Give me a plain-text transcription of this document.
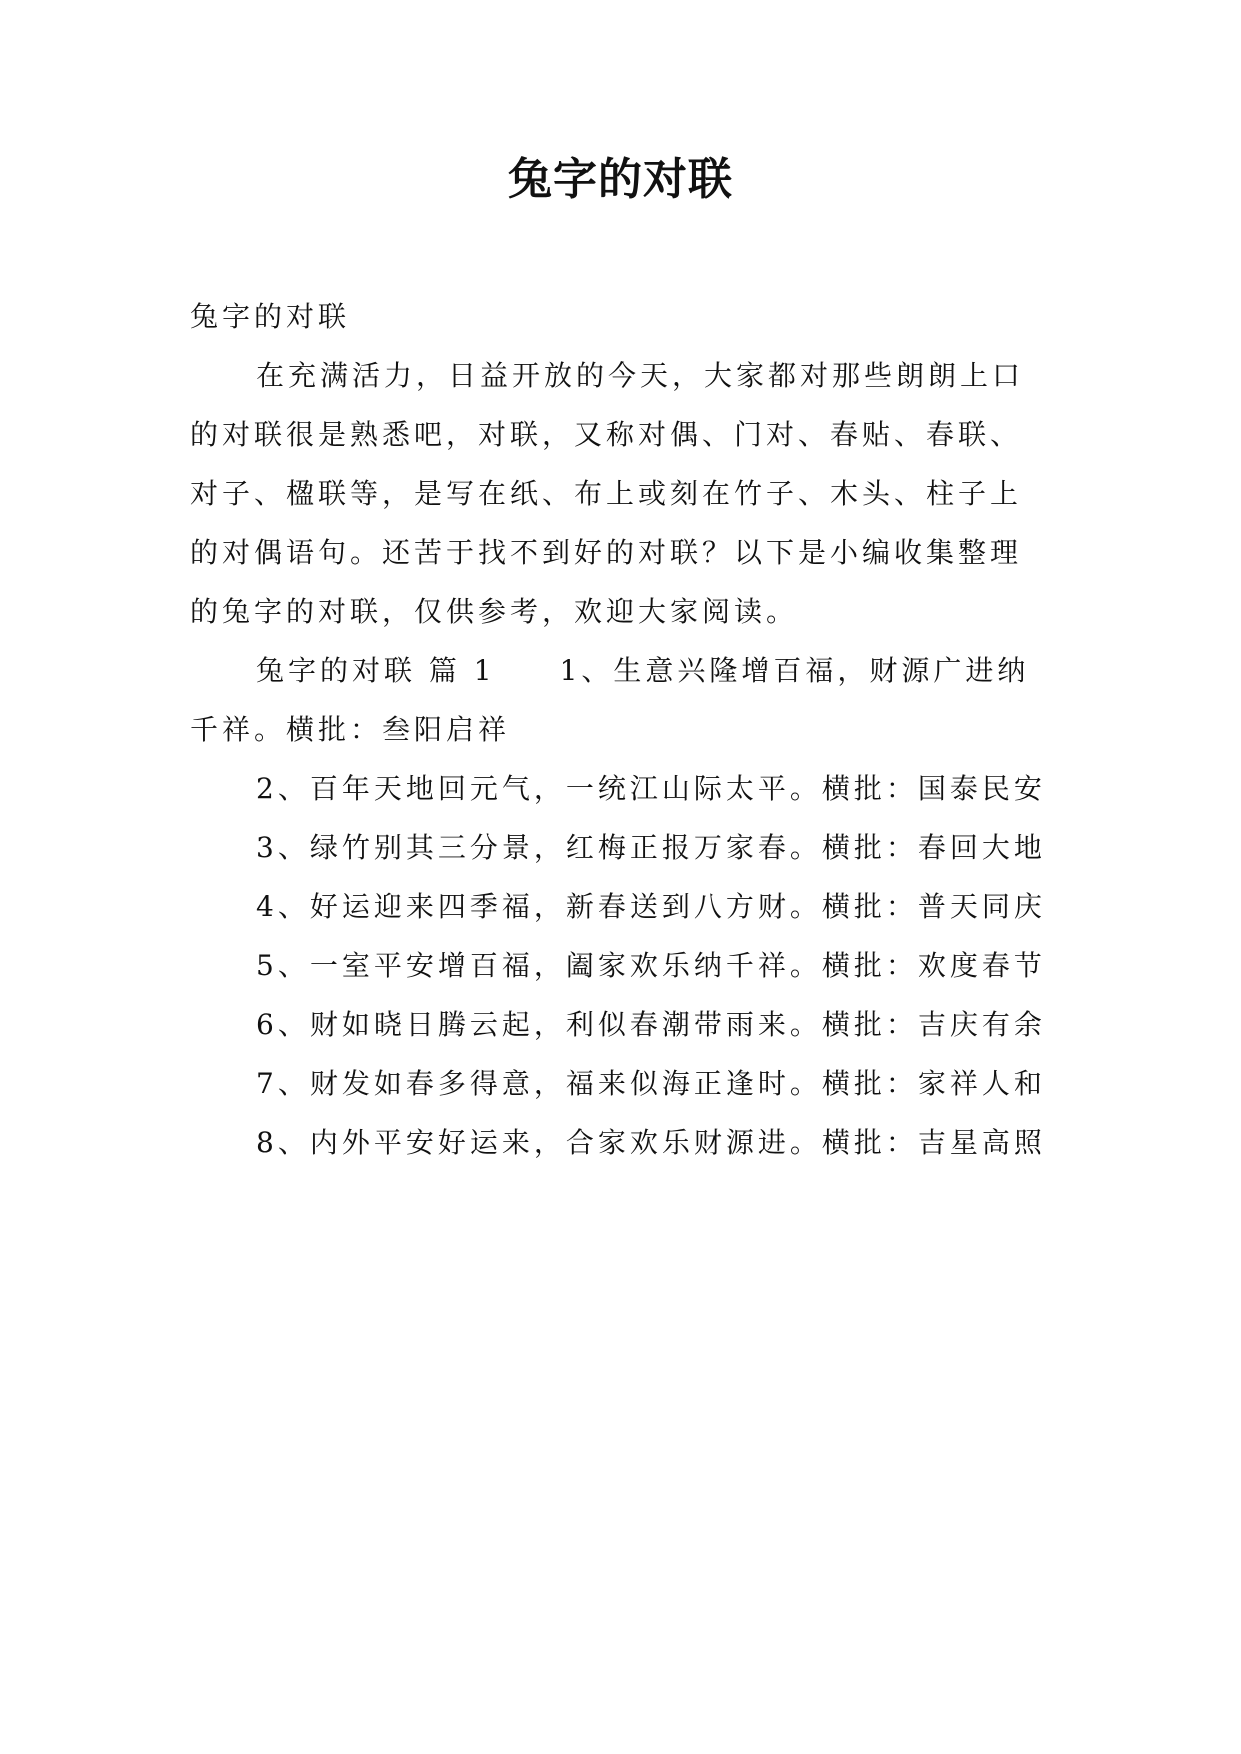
兔字的对联

兔字的对联

在充满活力，日益开放的今天，大家都对那些朗朗上口的对联很是熟悉吧，对联，又称对偶、门对、春贴、春联、对子、楹联等，是写在纸、布上或刻在竹子、木头、柱子上的对偶语句。还苦于找不到好的对联？以下是小编收集整理的兔字的对联，仅供参考，欢迎大家阅读。

兔字的对联 篇 1　　1、生意兴隆增百福，财源广进纳千祥。横批：叁阳启祥

2、百年天地回元气，一统江山际太平。横批：国泰民安

3、绿竹别其三分景，红梅正报万家春。横批：春回大地

4、好运迎来四季福，新春送到八方财。横批：普天同庆

5、一室平安增百福，阖家欢乐纳千祥。横批：欢度春节

6、财如晓日腾云起，利似春潮带雨来。横批：吉庆有余

7、财发如春多得意，福来似海正逢时。横批：家祥人和

8、内外平安好运来，合家欢乐财源进。横批：吉星高照
